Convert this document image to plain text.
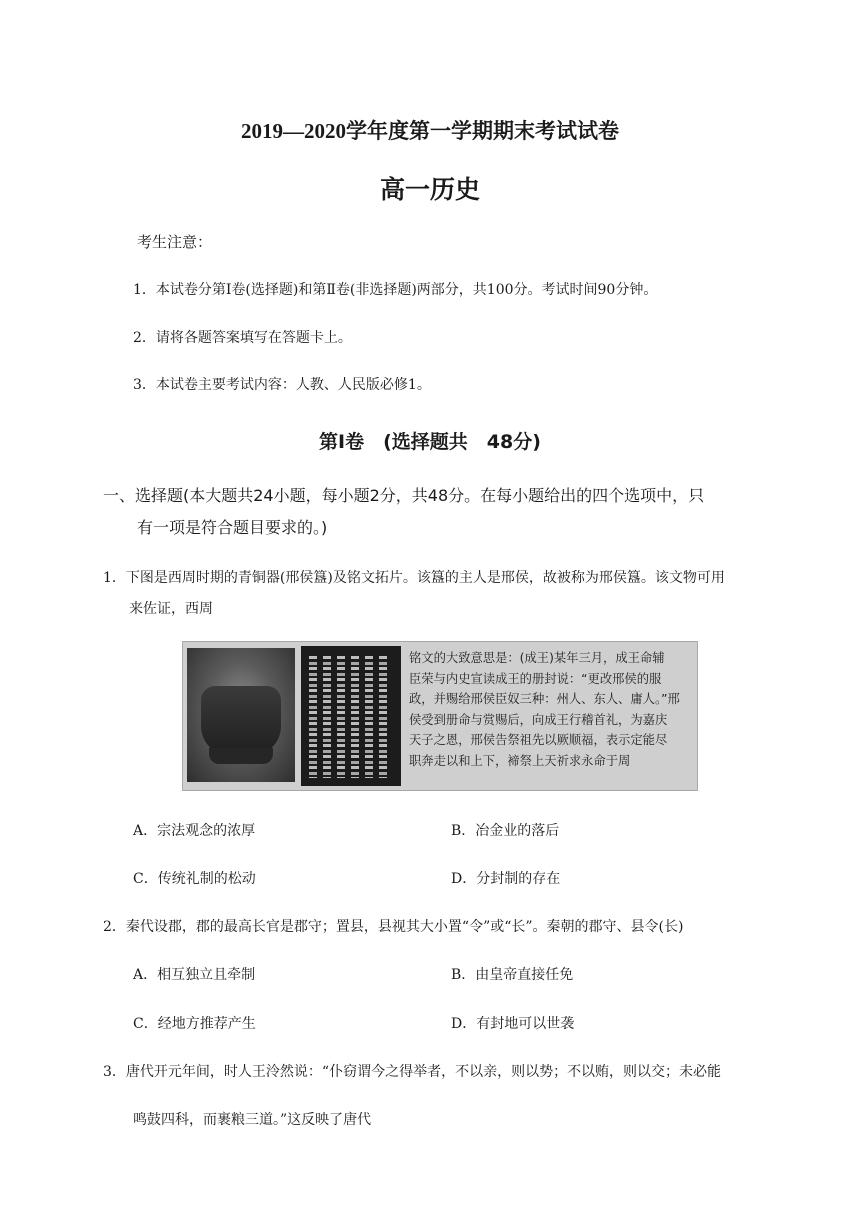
2019—2020学年度第一学期期末考试试卷
高一历史
考生注意：
1．本试卷分第Ⅰ卷(选择题)和第Ⅱ卷(非选择题)两部分，共100分。考试时间90分钟。
2．请将各题答案填写在答题卡上。
3．本试卷主要考试内容：人教、人民版必修1。
第Ⅰ卷　(选择题共　48分)
一、选择题(本大题共24小题，每小题2分，共48分。在每小题给出的四个选项中，只
有一项是符合题目要求的。)
1．下图是西周时期的青铜器(邢侯簋)及铭文拓片。该簋的主人是邢侯，故被称为邢侯簋。该文物可用
来佐证，西周
铭文的大致意思是：(成王)某年三月，成王命辅
臣荣与内史宣读成王的册封说：“更改邢侯的服
政，并赐给邢侯臣奴三种：州人、东人、庸人。”邢
侯受到册命与赏赐后，向成王行稽首礼，为嘉庆
天子之恩，邢侯告祭祖先以厥顺福，表示定能尽
职奔走以和上下，褅祭上天祈求永命于周
A．宗法观念的浓厚	B．冶金业的落后
C．传统礼制的松动	D．分封制的存在
2．秦代设郡，郡的最高长官是郡守；置县，县视其大小置“令”或“长”。秦朝的郡守、县令(长)
A．相互独立且牵制	B．由皇帝直接任免
C．经地方推荐产生	D．有封地可以世袭
3．唐代开元年间，时人王泠然说：“仆窃谓今之得举者，不以亲，则以势；不以贿，则以交；未必能
鸣鼓四科，而裹粮三道。”这反映了唐代
